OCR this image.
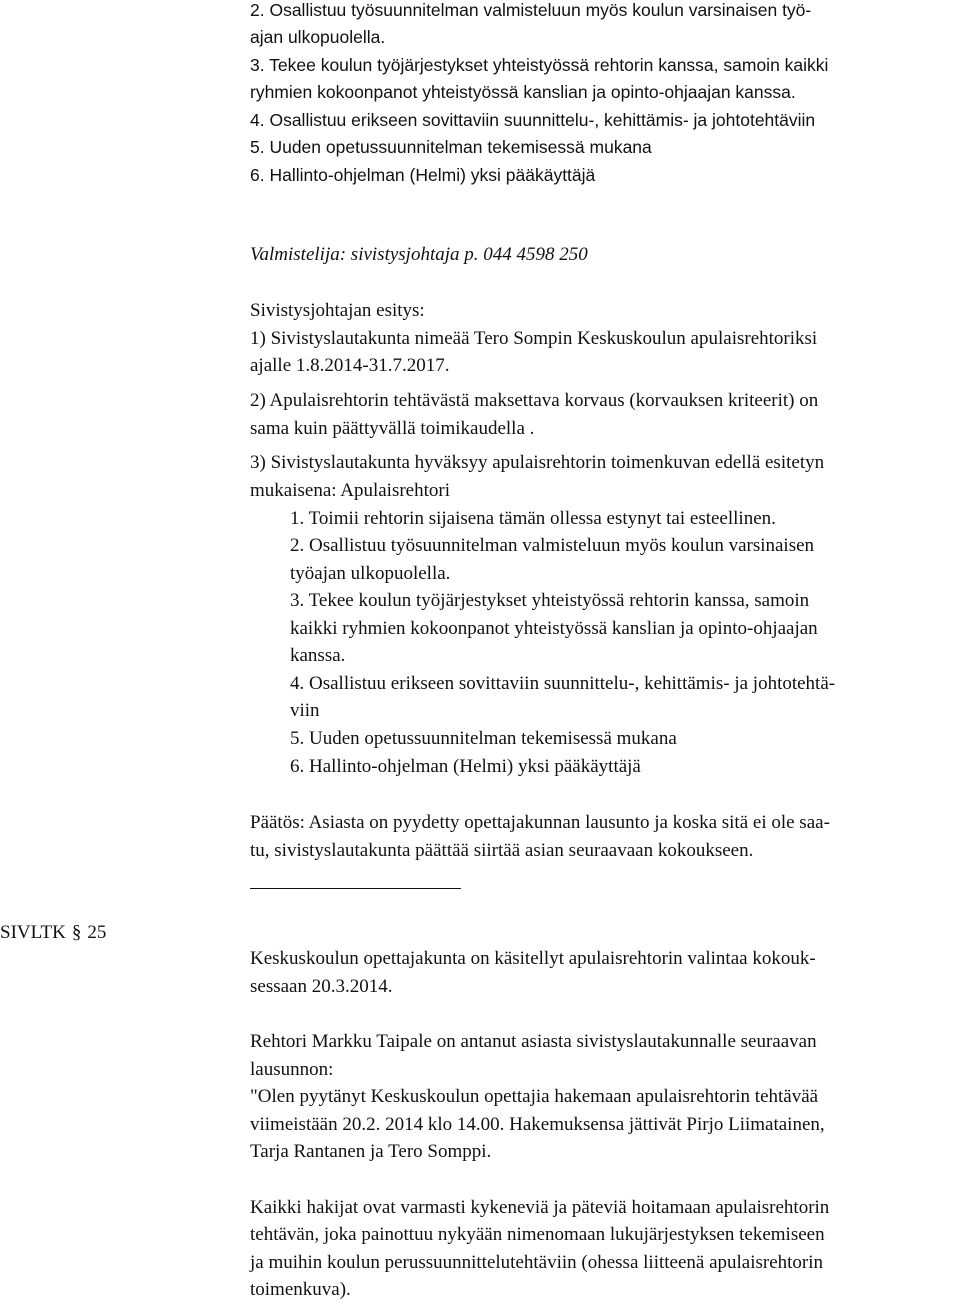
2. Osallistuu työsuunnitelman valmisteluun myös koulun varsinaisen työ-
ajan ulkopuolella.
3. Tekee koulun työjärjestykset yhteistyössä rehtorin kanssa, samoin kaikki
ryhmien kokoonpanot yhteistyössä kanslian ja opinto-ohjaajan kanssa.
4. Osallistuu erikseen sovittaviin suunnittelu-, kehittämis- ja johtotehtäviin
5. Uuden opetussuunnitelman tekemisessä mukana
6. Hallinto-ohjelman (Helmi) yksi pääkäyttäjä
Valmistelija: sivistysjohtaja p. 044 4598 250
Sivistysjohtajan esitys:
1) Sivistyslautakunta nimeää Tero Sompin Keskuskoulun apulaisrehtoriksi
ajalle 1.8.2014-31.7.2017.
2) Apulaisrehtorin tehtävästä maksettava korvaus (korvauksen kriteerit) on
sama kuin päättyvällä toimikaudella .
3) Sivistyslautakunta hyväksyy apulaisrehtorin toimenkuvan edellä esitetyn
mukaisena: Apulaisrehtori
1. Toimii rehtorin sijaisena tämän ollessa estynyt tai esteellinen.
2. Osallistuu työsuunnitelman valmisteluun myös koulun varsinaisen
työajan ulkopuolella.
3. Tekee koulun työjärjestykset yhteistyössä rehtorin kanssa, samoin
kaikki ryhmien kokoonpanot yhteistyössä kanslian ja opinto-ohjaajan
kanssa.
4. Osallistuu erikseen sovittaviin suunnittelu-, kehittämis- ja johtotehtä-
viin
5. Uuden opetussuunnitelman tekemisessä mukana
6. Hallinto-ohjelman (Helmi) yksi pääkäyttäjä
Päätös: Asiasta on pyydetty opettajakunnan lausunto ja koska sitä ei ole saa-
tu, sivistyslautakunta päättää siirtää asian seuraavaan kokoukseen.
SIVLTK § 25
Keskuskoulun opettajakunta on käsitellyt apulaisrehtorin valintaa kokouk-
sessaan 20.3.2014.
Rehtori Markku Taipale on antanut asiasta sivistyslautakunnalle seuraavan
lausunnon:
"Olen pyytänyt Keskuskoulun opettajia hakemaan apulaisrehtorin tehtävää
viimeistään 20.2. 2014 klo 14.00. Hakemuksensa jättivät Pirjo Liimatainen,
Tarja Rantanen ja Tero Somppi.
Kaikki hakijat ovat varmasti kykeneviä ja päteviä hoitamaan apulaisrehtorin
tehtävän, joka painottuu nykyään nimenomaan lukujärjestyksen tekemiseen
ja muihin koulun perussuunnittelutehtäviin (ohessa liitteenä apulaisrehtorin
toimenkuva).
